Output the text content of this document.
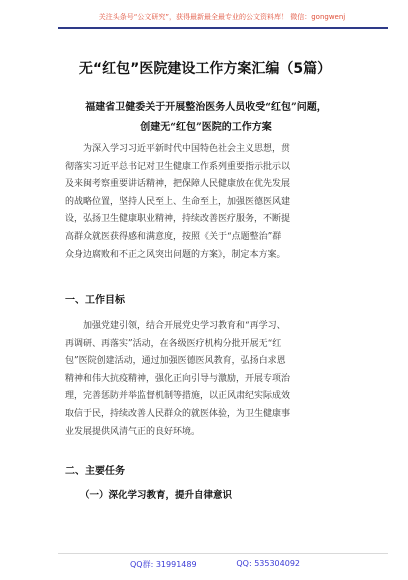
关注头条号“公文研究”，获得最新最全最专业的公文资料库！ 微信：gongwenj
无“红包”医院建设工作方案汇编（5篇）
福建省卫健委关于开展整治医务人员收受“红包”问题，
创建无“红包”医院的工作方案
为深入学习习近平新时代中国特色社会主义思想，贯
彻落实习近平总书记对卫生健康工作系列重要指示批示以
及来闽考察重要讲话精神，把保障人民健康放在优先发展
的战略位置，坚持人民至上、生命至上，加强医德医风建
设，弘扬卫生健康职业精神，持续改善医疗服务，不断提
高群众就医获得感和满意度，按照《关于“点题整治”群
众身边腐败和不正之风突出问题的方案》，制定本方案。
一、工作目标
加强党建引领，结合开展党史学习教育和“再学习、
再调研、再落实”活动，在各级医疗机构分批开展无“红
包”医院创建活动，通过加强医德医风教育，弘扬白求恩
精神和伟大抗疫精神，强化正向引导与激励，开展专项治
理，完善惩防并举监督机制等措施，以正风肃纪实际成效
取信于民，持续改善人民群众的就医体验，为卫生健康事
业发展提供风清气正的良好环境。
二、主要任务
（一）深化学习教育，提升自律意识
QQ群: 31991489	QQ: 535304092
